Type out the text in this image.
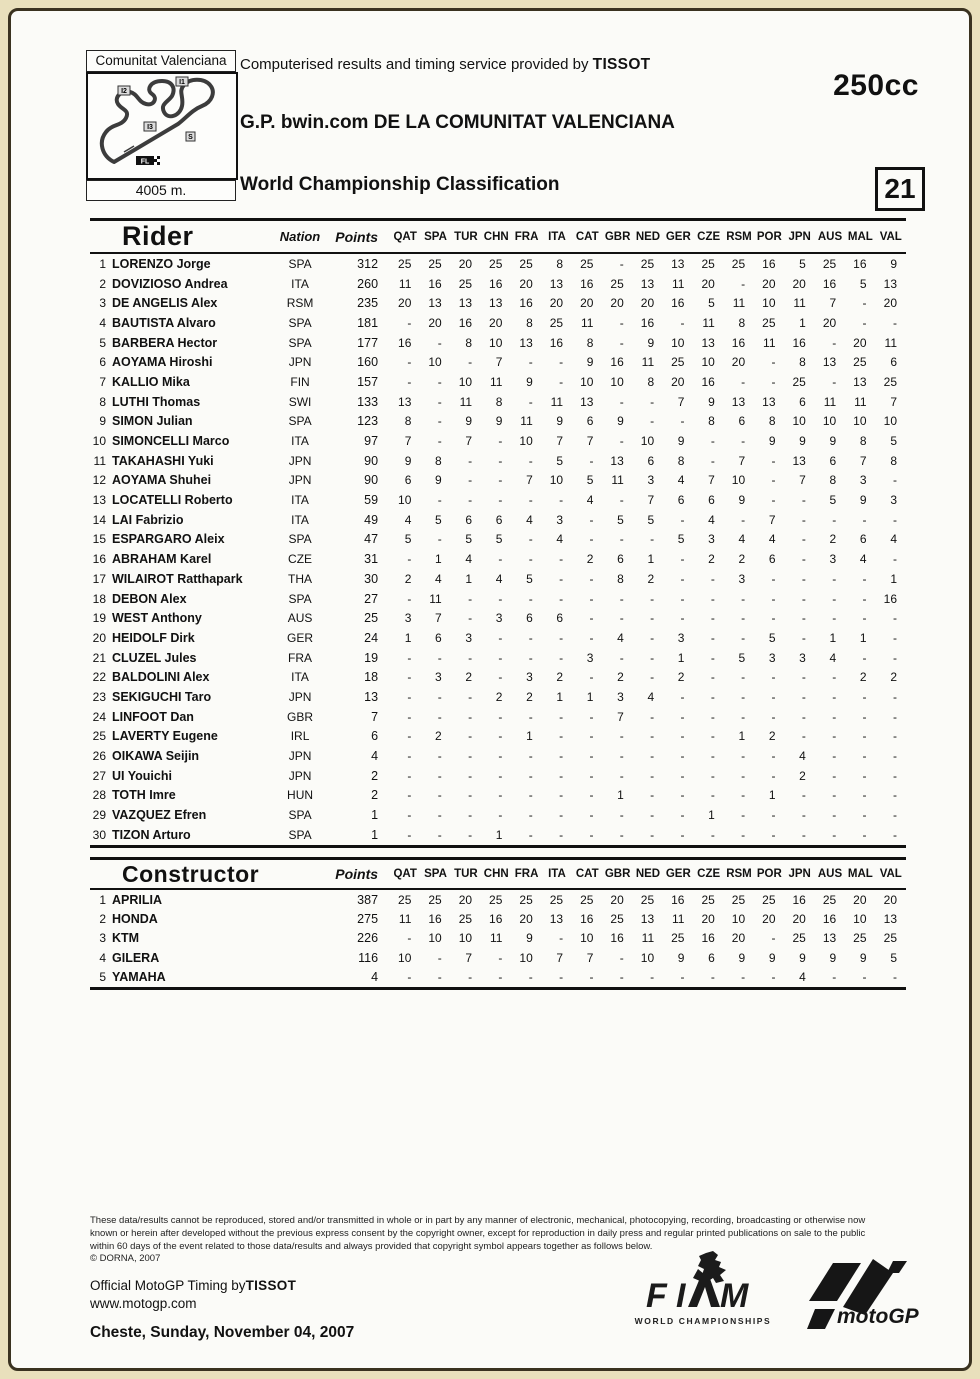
Comunitat Valenciana
I1
I2
I3
S
FL
4005 m.
Computerised results and timing service provided by TISSOT
250cc
G.P. bwin.com DE LA COMUNITAT VALENCIANA
World Championship Classification	21
	Rider	Nation	Points	QAT	SPA	TUR	CHN	FRA	ITA	CAT	GBR	NED	GER	CZE	RSM	POR	JPN	AUS	MAL	VAL
1	LORENZO Jorge	SPA	312	25	25	20	25	25	8	25	-	25	13	25	25	16	5	25	16	9
2	DOVIZIOSO Andrea	ITA	260	11	16	25	16	20	13	16	25	13	11	20	-	20	20	16	5	13
3	DE ANGELIS Alex	RSM	235	20	13	13	13	16	20	20	20	20	16	5	11	10	11	7	-	20
4	BAUTISTA Alvaro	SPA	181	-	20	16	20	8	25	11	-	16	-	11	8	25	1	20	-	-
5	BARBERA Hector	SPA	177	16	-	8	10	13	16	8	-	9	10	13	16	11	16	-	20	11
6	AOYAMA Hiroshi	JPN	160	-	10	-	7	-	-	9	16	11	25	10	20	-	8	13	25	6
7	KALLIO Mika	FIN	157	-	-	10	11	9	-	10	10	8	20	16	-	-	25	-	13	25
8	LUTHI Thomas	SWI	133	13	-	11	8	-	11	13	-	-	7	9	13	13	6	11	11	7
9	SIMON Julian	SPA	123	8	-	9	9	11	9	6	9	-	-	8	6	8	10	10	10	10
10	SIMONCELLI Marco	ITA	97	7	-	7	-	10	7	7	-	10	9	-	-	9	9	9	8	5
11	TAKAHASHI Yuki	JPN	90	9	8	-	-	-	5	-	13	6	8	-	7	-	13	6	7	8
12	AOYAMA Shuhei	JPN	90	6	9	-	-	7	10	5	11	3	4	7	10	-	7	8	3	-
13	LOCATELLI Roberto	ITA	59	10	-	-	-	-	-	4	-	7	6	6	9	-	-	5	9	3
14	LAI Fabrizio	ITA	49	4	5	6	6	4	3	-	5	5	-	4	-	7	-	-	-	-
15	ESPARGARO Aleix	SPA	47	5	-	5	5	-	4	-	-	-	5	3	4	4	-	2	6	4
16	ABRAHAM Karel	CZE	31	-	1	4	-	-	-	2	6	1	-	2	2	6	-	3	4	-
17	WILAIROT Ratthapark	THA	30	2	4	1	4	5	-	-	8	2	-	-	3	-	-	-	-	1
18	DEBON Alex	SPA	27	-	11	-	-	-	-	-	-	-	-	-	-	-	-	-	-	16
19	WEST Anthony	AUS	25	3	7	-	3	6	6	-	-	-	-	-	-	-	-	-	-	-
20	HEIDOLF Dirk	GER	24	1	6	3	-	-	-	-	4	-	3	-	-	5	-	1	1	-
21	CLUZEL Jules	FRA	19	-	-	-	-	-	-	3	-	-	1	-	5	3	3	4	-	-
22	BALDOLINI Alex	ITA	18	-	3	2	-	3	2	-	2	-	2	-	-	-	-	-	2	2
23	SEKIGUCHI Taro	JPN	13	-	-	-	2	2	1	1	3	4	-	-	-	-	-	-	-	-
24	LINFOOT Dan	GBR	7	-	-	-	-	-	-	-	7	-	-	-	-	-	-	-	-	-
25	LAVERTY Eugene	IRL	6	-	2	-	-	1	-	-	-	-	-	-	1	2	-	-	-	-
26	OIKAWA Seijin	JPN	4	-	-	-	-	-	-	-	-	-	-	-	-	-	4	-	-	-
27	UI Youichi	JPN	2	-	-	-	-	-	-	-	-	-	-	-	-	-	2	-	-	-
28	TOTH Imre	HUN	2	-	-	-	-	-	-	-	1	-	-	-	-	1	-	-	-	-
29	VAZQUEZ Efren	SPA	1	-	-	-	-	-	-	-	-	-	-	1	-	-	-	-	-	-
30	TIZON Arturo	SPA	1	-	-	-	1	-	-	-	-	-	-	-	-	-	-	-	-	-
	Constructor	Points	QAT	SPA	TUR	CHN	FRA	ITA	CAT	GBR	NED	GER	CZE	RSM	POR	JPN	AUS	MAL	VAL
1	APRILIA	387	25	25	20	25	25	25	25	20	25	16	25	25	25	16	25	20	20
2	HONDA	275	11	16	25	16	20	13	16	25	13	11	20	10	20	20	16	10	13
3	KTM	226	-	10	10	11	9	-	10	16	11	25	16	20	-	25	13	25	25
4	GILERA	116	10	-	7	-	10	7	7	-	10	9	6	9	9	9	9	9	5
5	YAMAHA	4	-	-	-	-	-	-	-	-	-	-	-	-	-	4	-	-	-
These data/results cannot be reproduced, stored and/or transmitted in whole or in part by any manner of electronic, mechanical, photocopying, recording, broadcasting or otherwise now
known or herein after developed without the previous express consent by the copyright owner, except for reproduction in daily press and regular printed publications on sale to the public
within 60 days of the event related to those data/results and always provided that copyright symbol appears together as follows below.
© DORNA, 2007
Official MotoGP Timing byTISSOT
www.motogp.com
Cheste, Sunday, November 04, 2007
F I M
WORLD CHAMPIONSHIPS	motoGP
